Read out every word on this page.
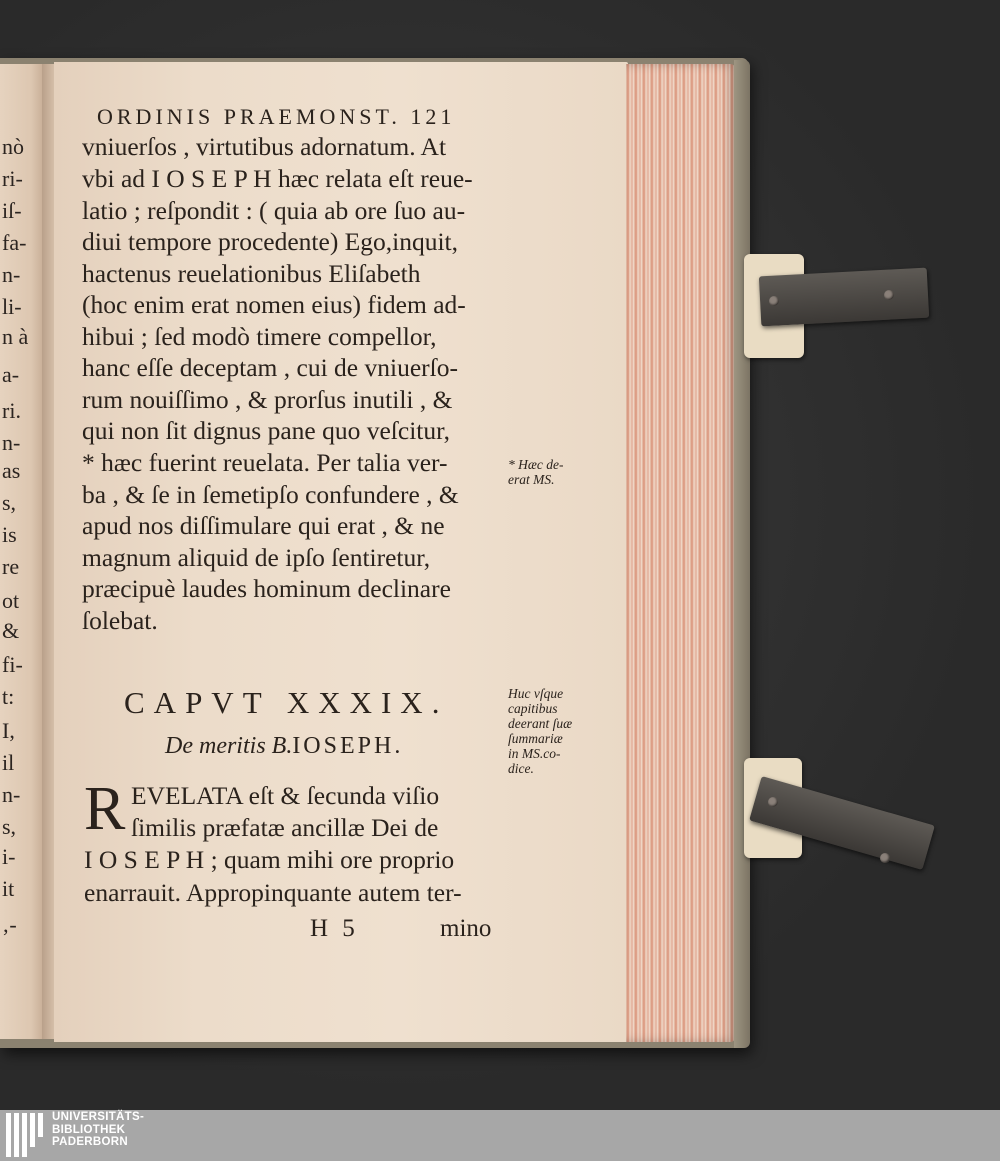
nò
ri-
iſ-
fa-
n-
li-
n à
a-
ri.
n-
as
s,
is
re
ot
&
fi-
t:
I,
il
n-
s,
i-
it
‚-
ORDINIS PRAEMONST. 121
vniuerſos , virtutibus adornatum. At
vbi ad I O S E P H hæc relata eſt reue-
latio ; reſpondit : ( quia ab ore ſuo au-
diui tempore procedente) Ego,inquit,
hactenus reuelationibus Eliſabeth
(hoc enim erat nomen eius) fidem ad-
hibui ; ſed modò timere compellor,
hanc eſſe deceptam , cui de vniuerſo-
rum nouiſſimo , & prorſus inutili , &
qui non ſit dignus pane quo veſcitur,
* hæc fuerint reuelata. Per talia ver-
ba , & ſe in ſemetipſo confundere , &
apud nos diſſimulare qui erat , & ne
magnum aliquid de ipſo ſentiretur,
præcipuè laudes hominum declinare
ſolebat.
* Hæc de-
erat MS.
CAPVT XXXIX.
De meritis B.IOSEPH.
Huc vſque
capitibus
deerant ſuæ
ſummariæ
in MS.co-
dice.
R EVELATA eſt & ſecunda viſio
ſimilis præfatæ ancillæ Dei de
I O S E P H ; quam mihi ore proprio
enarrauit. Appropinquante autem ter-
H 5	mino
UNIVERSITÄTS-
BIBLIOTHEK
PADERBORN
